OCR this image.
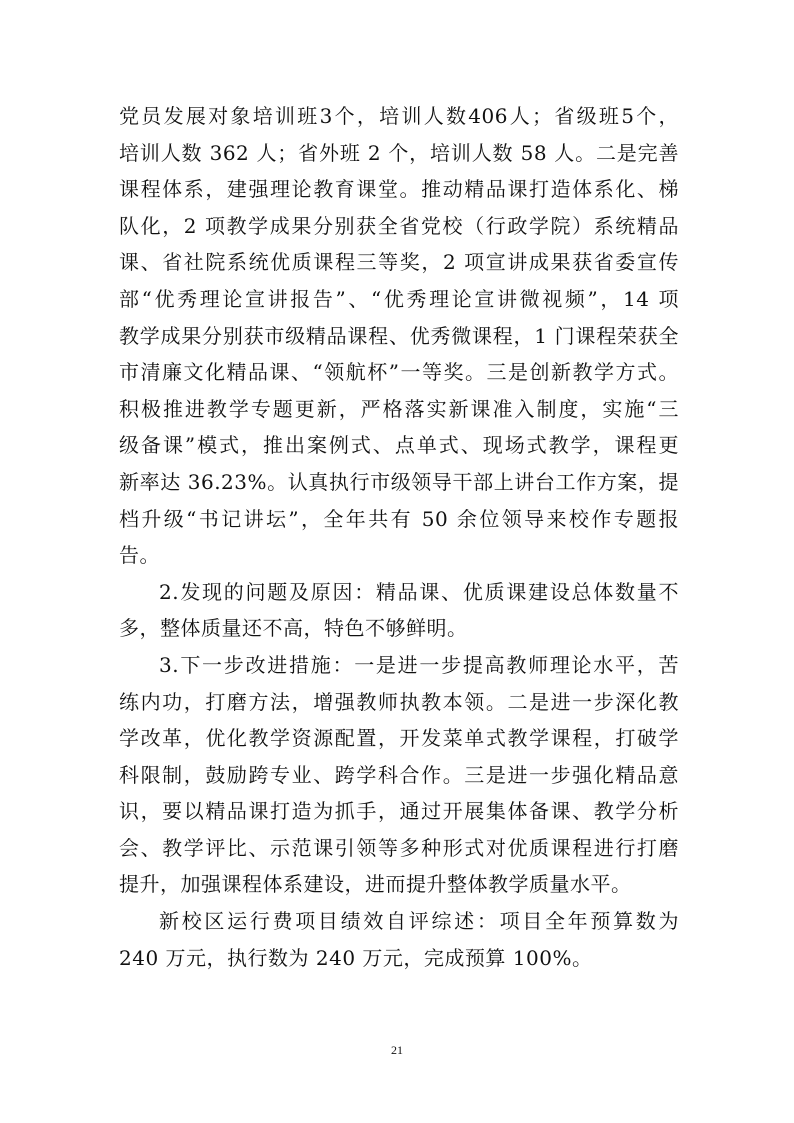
党员发展对象培训班3个，培训人数406人；省级班5个，
培训人数 362 人；省外班 2 个，培训人数 58 人。二是完善
课程体系，建强理论教育课堂。推动精品课打造体系化、梯
队化，2 项教学成果分别获全省党校（行政学院）系统精品
课、省社院系统优质课程三等奖，2 项宣讲成果获省委宣传
部“优秀理论宣讲报告”、“优秀理论宣讲微视频”，14 项
教学成果分别获市级精品课程、优秀微课程，1 门课程荣获全
市清廉文化精品课、“领航杯”一等奖。三是创新教学方式。
积极推进教学专题更新，严格落实新课准入制度，实施“三
级备课”模式，推出案例式、点单式、现场式教学，课程更
新率达 36.23%。认真执行市级领导干部上讲台工作方案，提
档升级“书记讲坛”，全年共有 50 余位领导来校作专题报
告。
2.发现的问题及原因：精品课、优质课建设总体数量不
多，整体质量还不高，特色不够鲜明。
3.下一步改进措施：一是进一步提高教师理论水平，苦
练内功，打磨方法，增强教师执教本领。二是进一步深化教
学改革，优化教学资源配置，开发菜单式教学课程，打破学
科限制，鼓励跨专业、跨学科合作。三是进一步强化精品意
识，要以精品课打造为抓手，通过开展集体备课、教学分析
会、教学评比、示范课引领等多种形式对优质课程进行打磨
提升，加强课程体系建设，进而提升整体教学质量水平。
新校区运行费项目绩效自评综述：项目全年预算数为
240 万元，执行数为 240 万元，完成预算 100%。
21
